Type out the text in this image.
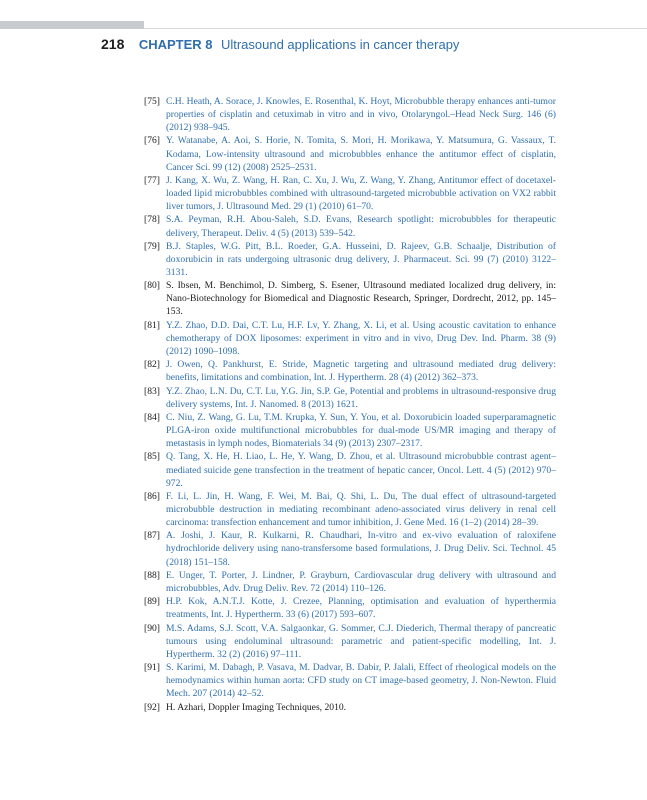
218 CHAPTER 8 Ultrasound applications in cancer therapy
[75] C.H. Heath, A. Sorace, J. Knowles, E. Rosenthal, K. Hoyt, Microbubble therapy enhances anti-tumor properties of cisplatin and cetuximab in vitro and in vivo, Otolaryngol.–Head Neck Surg. 146 (6) (2012) 938–945.
[76] Y. Watanabe, A. Aoi, S. Horie, N. Tomita, S. Mori, H. Morikawa, Y. Matsumura, G. Vassaux, T. Kodama, Low-intensity ultrasound and microbubbles enhance the antitumor effect of cisplatin, Cancer Sci. 99 (12) (2008) 2525–2531.
[77] J. Kang, X. Wu, Z. Wang, H. Ran, C. Xu, J. Wu, Z. Wang, Y. Zhang, Antitumor effect of docetaxel-loaded lipid microbubbles combined with ultrasound-targeted microbubble activation on VX2 rabbit liver tumors, J. Ultrasound Med. 29 (1) (2010) 61–70.
[78] S.A. Peyman, R.H. Abou-Saleh, S.D. Evans, Research spotlight: microbubbles for therapeutic delivery, Therapeut. Deliv. 4 (5) (2013) 539–542.
[79] B.J. Staples, W.G. Pitt, B.L. Roeder, G.A. Husseini, D. Rajeev, G.B. Schaalje, Distribution of doxorubicin in rats undergoing ultrasonic drug delivery, J. Pharmaceut. Sci. 99 (7) (2010) 3122–3131.
[80] S. Ibsen, M. Benchimol, D. Simberg, S. Esener, Ultrasound mediated localized drug delivery, in: Nano-Biotechnology for Biomedical and Diagnostic Research, Springer, Dordrecht, 2012, pp. 145–153.
[81] Y.Z. Zhao, D.D. Dai, C.T. Lu, H.F. Lv, Y. Zhang, X. Li, et al. Using acoustic cavitation to enhance chemotherapy of DOX liposomes: experiment in vitro and in vivo, Drug Dev. Ind. Pharm. 38 (9) (2012) 1090–1098.
[82] J. Owen, Q. Pankhurst, E. Stride, Magnetic targeting and ultrasound mediated drug delivery: benefits, limitations and combination, Int. J. Hypertherm. 28 (4) (2012) 362–373.
[83] Y.Z. Zhao, L.N. Du, C.T. Lu, Y.G. Jin, S.P. Ge, Potential and problems in ultrasound-responsive drug delivery systems, Int. J. Nanomed. 8 (2013) 1621.
[84] C. Niu, Z. Wang, G. Lu, T.M. Krupka, Y. Sun, Y. You, et al. Doxorubicin loaded superparamagnetic PLGA-iron oxide multifunctional microbubbles for dual-mode US/MR imaging and therapy of metastasis in lymph nodes, Biomaterials 34 (9) (2013) 2307–2317.
[85] Q. Tang, X. He, H. Liao, L. He, Y. Wang, D. Zhou, et al. Ultrasound microbubble contrast agent–mediated suicide gene transfection in the treatment of hepatic cancer, Oncol. Lett. 4 (5) (2012) 970–972.
[86] F. Li, L. Jin, H. Wang, F. Wei, M. Bai, Q. Shi, L. Du, The dual effect of ultrasound-targeted microbubble destruction in mediating recombinant adeno-associated virus delivery in renal cell carcinoma: transfection enhancement and tumor inhibition, J. Gene Med. 16 (1–2) (2014) 28–39.
[87] A. Joshi, J. Kaur, R. Kulkarni, R. Chaudhari, In-vitro and ex-vivo evaluation of raloxifene hydrochloride delivery using nano-transfersome based formulations, J. Drug Deliv. Sci. Technol. 45 (2018) 151–158.
[88] E. Unger, T. Porter, J. Lindner, P. Grayburn, Cardiovascular drug delivery with ultrasound and microbubbles, Adv. Drug Deliv. Rev. 72 (2014) 110–126.
[89] H.P. Kok, A.N.T.J. Kotte, J. Crezee, Planning, optimisation and evaluation of hyperthermia treatments, Int. J. Hypertherm. 33 (6) (2017) 593–607.
[90] M.S. Adams, S.J. Scott, V.A. Salgaonkar, G. Sommer, C.J. Diederich, Thermal therapy of pancreatic tumours using endoluminal ultrasound: parametric and patient-specific modelling, Int. J. Hypertherm. 32 (2) (2016) 97–111.
[91] S. Karimi, M. Dabagh, P. Vasava, M. Dadvar, B. Dabir, P. Jalali, Effect of rheological models on the hemodynamics within human aorta: CFD study on CT image-based geometry, J. Non-Newton. Fluid Mech. 207 (2014) 42–52.
[92] H. Azhari, Doppler Imaging Techniques, 2010.
